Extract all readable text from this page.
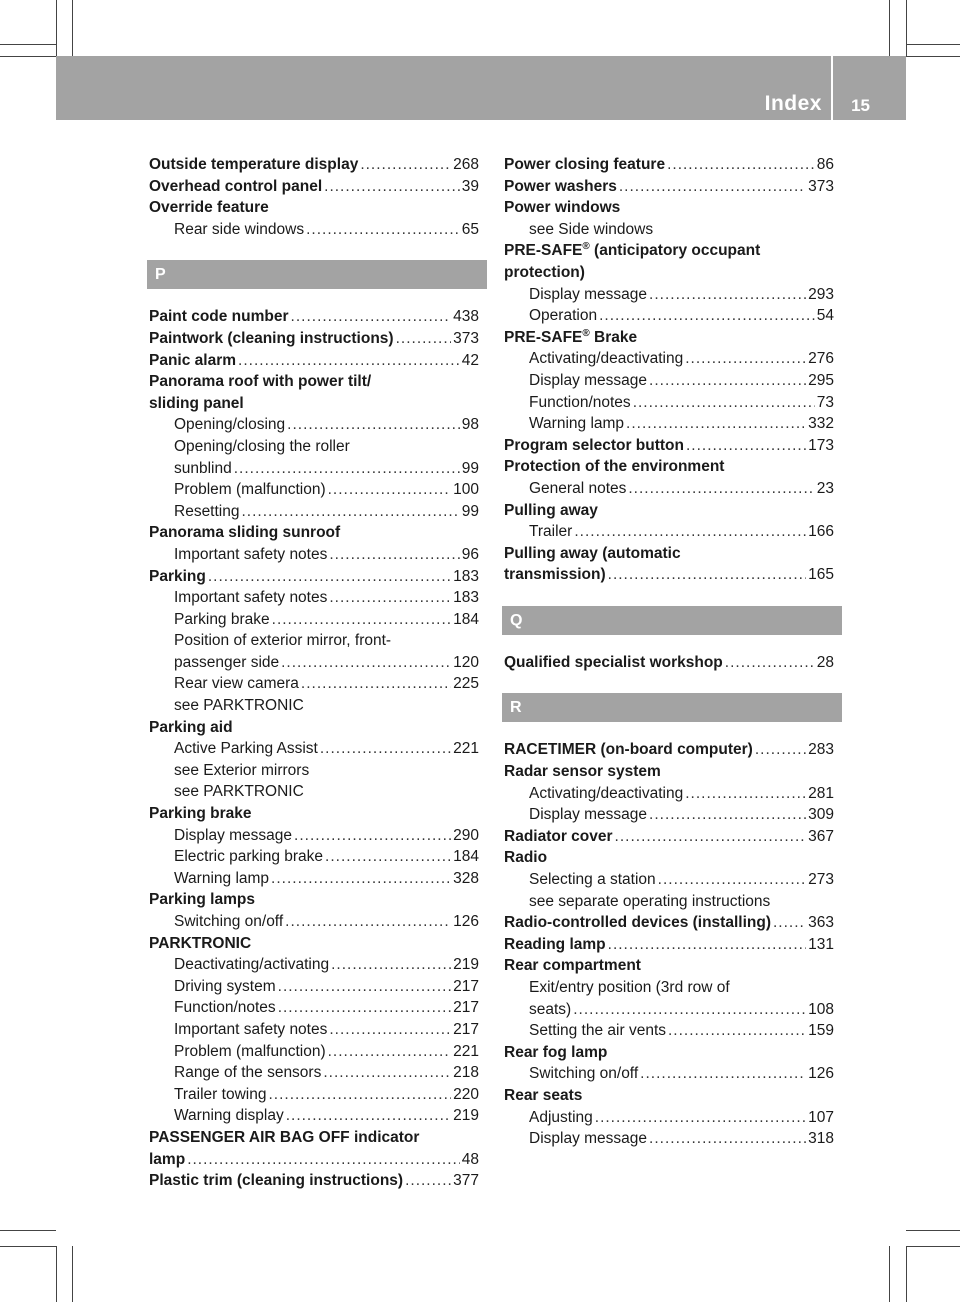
Index 15
Outside temperature display .....	268
Overhead control panel .....	39
Override feature
Rear side windows .....	65
P
Paint code number .....	438
Paintwork (cleaning instructions) .....	373
Panic alarm .....	42
Panorama roof with power tilt/
sliding panel
Opening/closing .....	98
Opening/closing the roller
sunblind .....	99
Problem (malfunction) .....	100
Resetting .....	99
Panorama sliding sunroof
Important safety notes .....	96
Parking .....	183
Important safety notes .....	183
Parking brake .....	184
Position of exterior mirror, front-
passenger side .....	120
Rear view camera .....	225
see PARKTRONIC
Parking aid
Active Parking Assist .....	221
see Exterior mirrors
see PARKTRONIC
Parking brake
Display message .....	290
Electric parking brake .....	184
Warning lamp .....	328
Parking lamps
Switching on/off .....	126
PARKTRONIC
Deactivating/activating .....	219
Driving system .....	217
Function/notes .....	217
Important safety notes .....	217
Problem (malfunction) .....	221
Range of the sensors .....	218
Trailer towing .....	220
Warning display .....	219
PASSENGER AIR BAG OFF indicator
lamp .....	48
Plastic trim (cleaning instructions) .....	377
Power closing feature .....	86
Power washers .....	373
Power windows
see Side windows
PRE-SAFE® (anticipatory occupant
protection)
Display message .....	293
Operation .....	54
PRE-SAFE® Brake
Activating/deactivating .....	276
Display message .....	295
Function/notes .....	73
Warning lamp .....	332
Program selector button .....	173
Protection of the environment
General notes .....	23
Pulling away
Trailer .....	166
Pulling away (automatic
transmission) .....	165
Q
Qualified specialist workshop .....	28
R
RACETIMER (on-board computer) .....	283
Radar sensor system
Activating/deactivating .....	281
Display message .....	309
Radiator cover .....	367
Radio
Selecting a station .....	273
see separate operating instructions
Radio-controlled devices (installing) ..... 363
Reading lamp .....	131
Rear compartment
Exit/entry position (3rd row of
seats) .....	108
Setting the air vents .....	159
Rear fog lamp
Switching on/off .....	126
Rear seats
Adjusting .....	107
Display message .....	318
